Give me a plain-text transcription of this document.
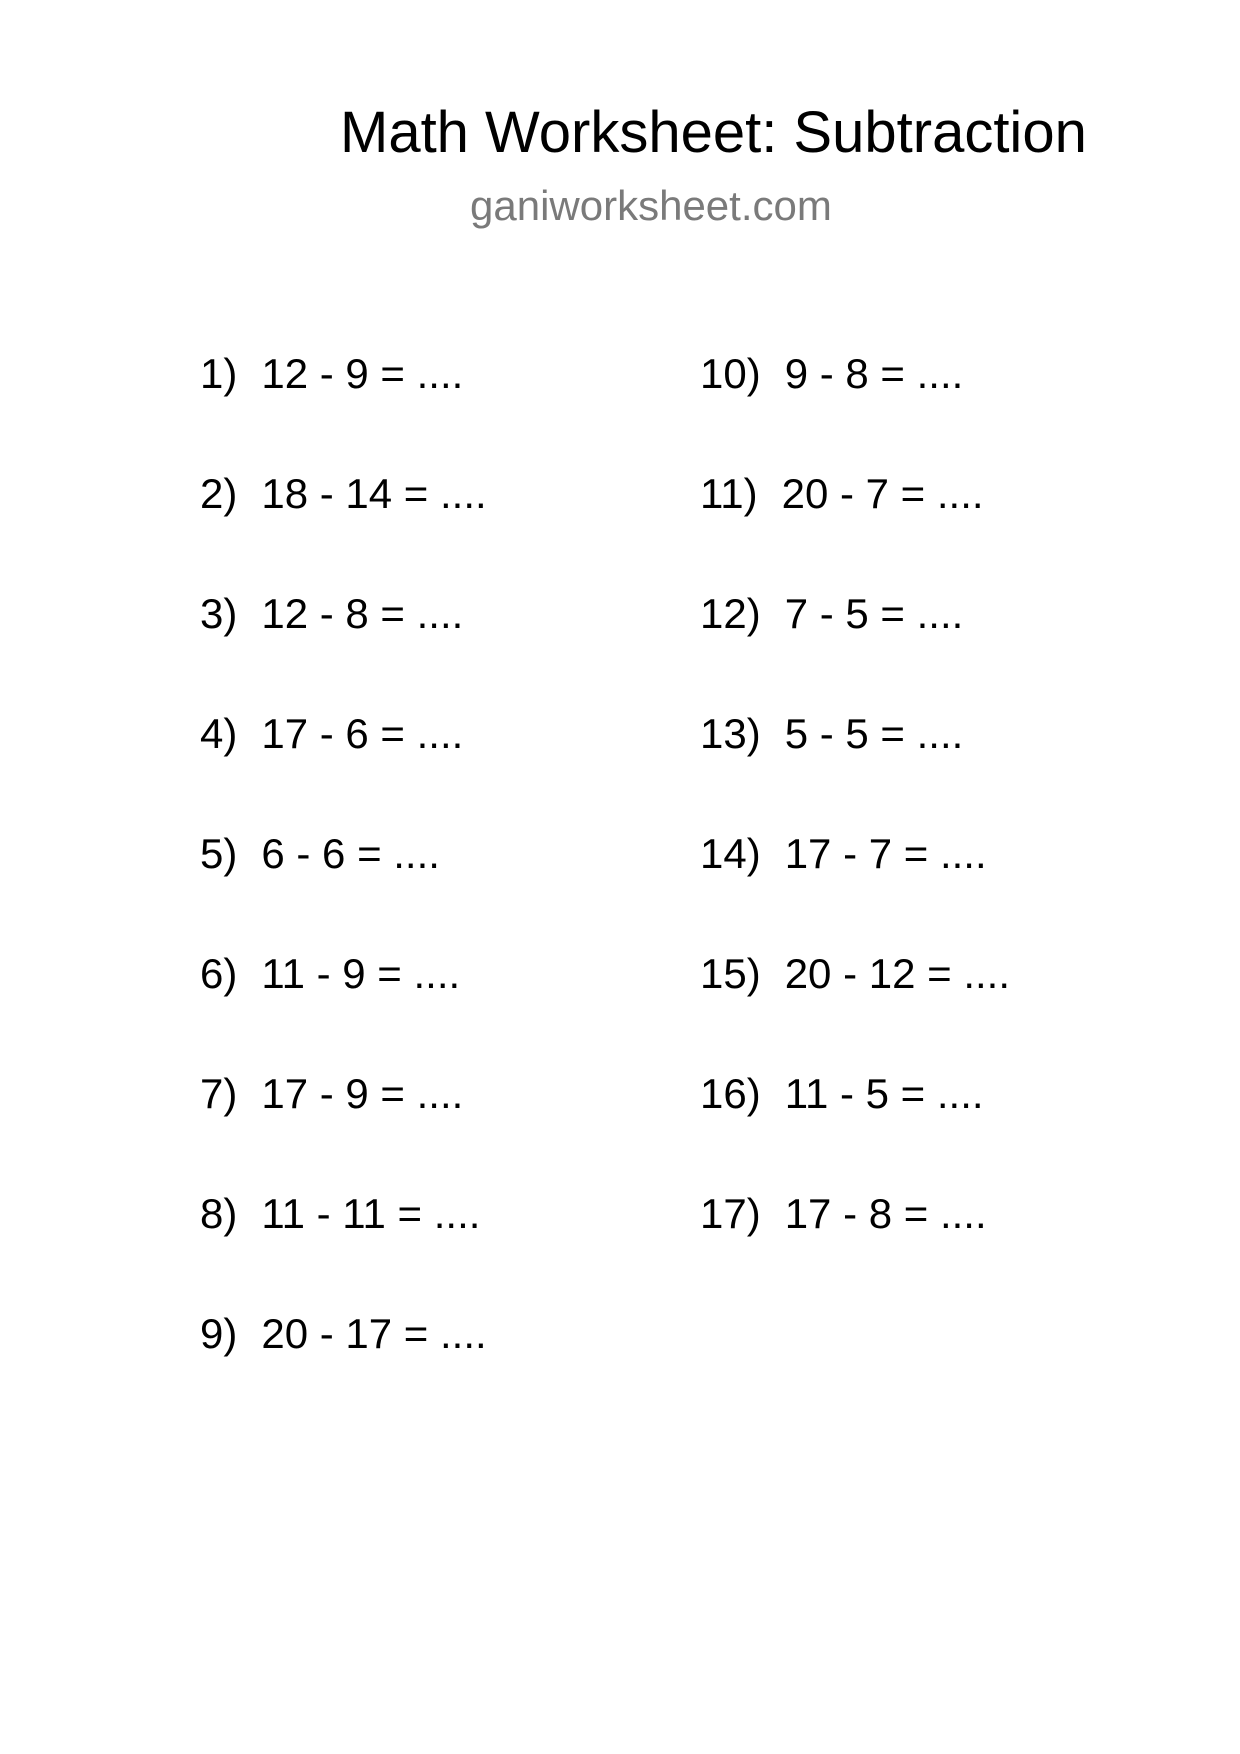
Math Worksheet: Subtraction
ganiworksheet.com
1) 12 - 9 = ....
2) 18 - 14 = ....
3) 12 - 8 = ....
4) 17 - 6 = ....
5) 6 - 6 = ....
6) 11 - 9 = ....
7) 17 - 9 = ....
8) 11 - 11 = ....
9) 20 - 17 = ....
10) 9 - 8 = ....
11) 20 - 7 = ....
12) 7 - 5 = ....
13) 5 - 5 = ....
14) 17 - 7 = ....
15) 20 - 12 = ....
16) 11 - 5 = ....
17) 17 - 8 = ....
